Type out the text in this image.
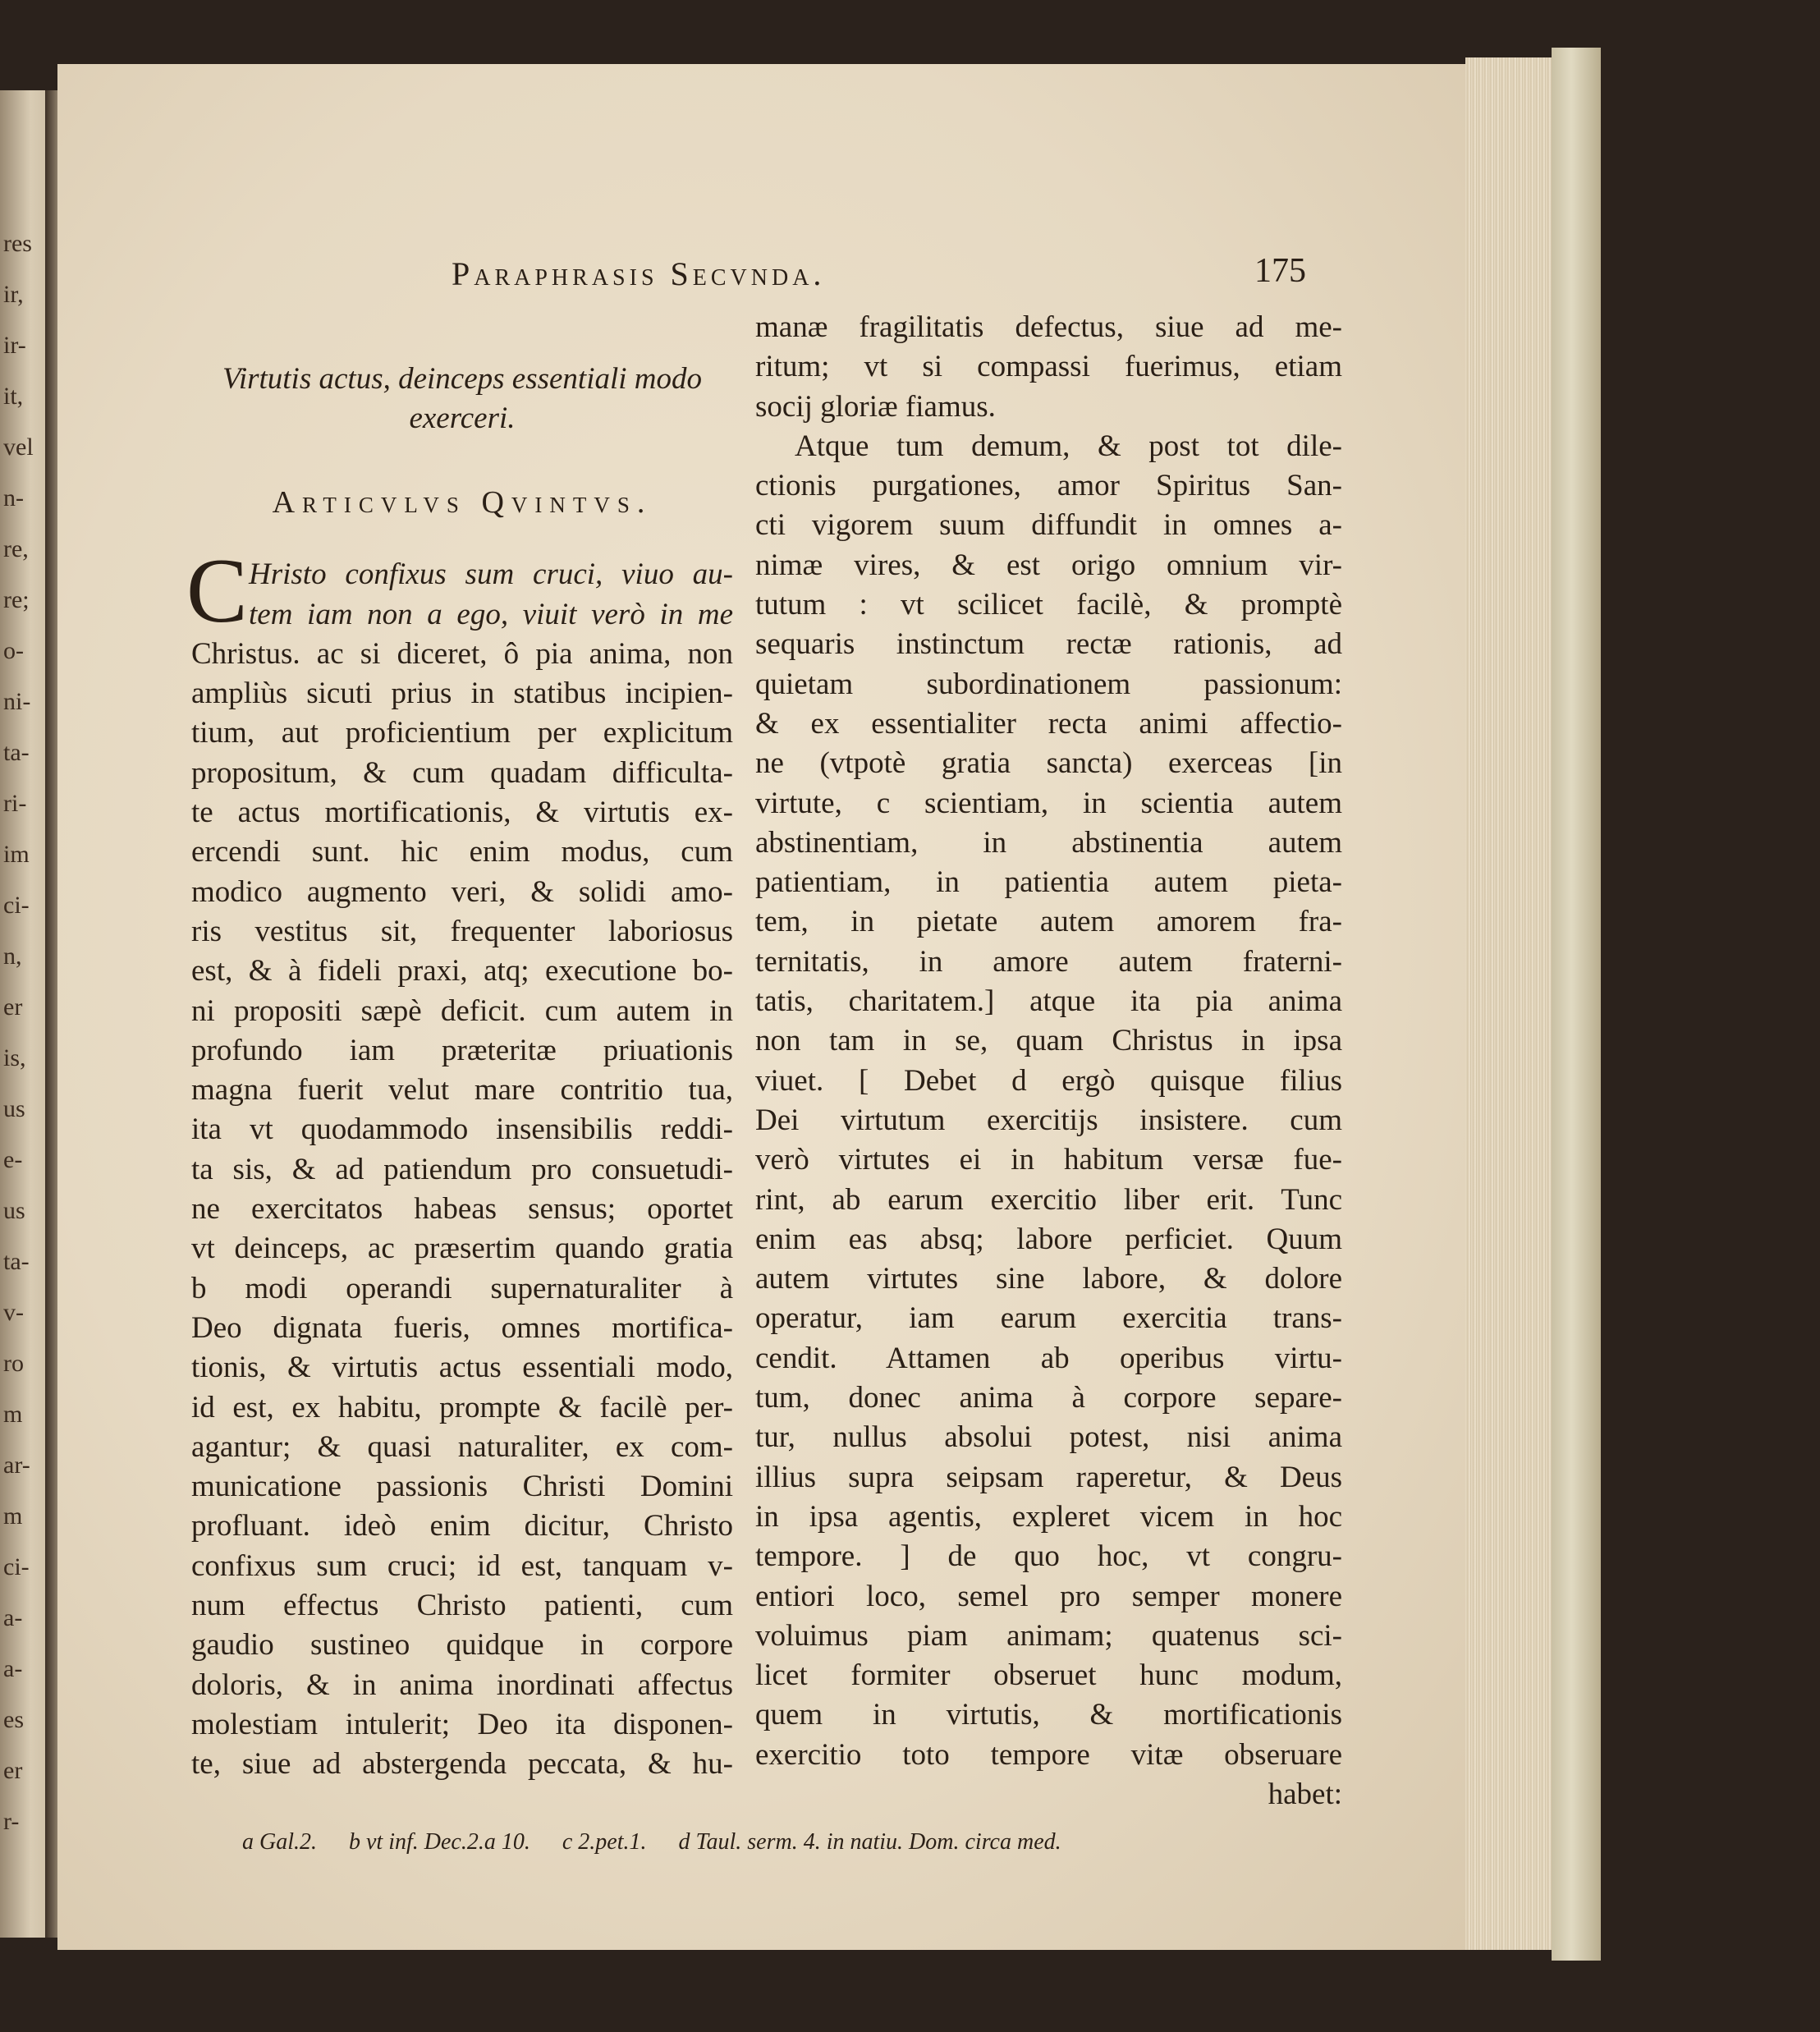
res
ir,
ir-
it,
vel
n-
re,
re;
o-
ni-
ta-
ri-
im
ci-
n,
er
is,
us
e-
us
ta-
v-
ro
m
ar-
m
ci-
a-
a-
es
er
r-
Paraphrasis Secvnda.	175
Virtutis actus, deinceps essentiali modo
exerceri.
Articvlvs Qvintvs.
C Hristo confixus sum cruci, viuo au-
tem iam non a ego, viuit verò in me
Christus. ac si diceret, ô pia anima, non
ampliùs sicuti prius in statibus incipien-
tium, aut proficientium per explicitum
propositum, & cum quadam difficulta-
te actus mortificationis, & virtutis ex-
ercendi sunt. hic enim modus, cum
modico augmento veri, & solidi amo-
ris vestitus sit, frequenter laboriosus
est, & à fideli praxi, atq; executione bo-
ni propositi sæpè deficit. cum autem in
profundo iam præteritæ priuationis
magna fuerit velut mare contritio tua,
ita vt quodammodo insensibilis reddi-
ta sis, & ad patiendum pro consuetudi-
ne exercitatos habeas sensus; oportet
vt deinceps, ac præsertim quando gratia
b modi operandi supernaturaliter à
Deo dignata fueris, omnes mortifica-
tionis, & virtutis actus essentiali modo,
id est, ex habitu, prompte & facilè per-
agantur; & quasi naturaliter, ex com-
municatione passionis Christi Domini
profluant. ideò enim dicitur, Christo
confixus sum cruci; id est, tanquam v-
num effectus Christo patienti, cum
gaudio sustineo quidque in corpore
doloris, & in anima inordinati affectus
molestiam intulerit; Deo ita disponen-
te, siue ad abstergenda peccata, & hu-
manæ fragilitatis defectus, siue ad me-
ritum; vt si compassi fuerimus, etiam
socij gloriæ fiamus.
Atque tum demum, & post tot dile-
ctionis purgationes, amor Spiritus San-
cti vigorem suum diffundit in omnes a-
nimæ vires, & est origo omnium vir-
tutum : vt scilicet facilè, & promptè
sequaris instinctum rectæ rationis, ad
quietam subordinationem passionum:
& ex essentialiter recta animi affectio-
ne (vtpotè gratia sancta) exerceas [in
virtute, c scientiam, in scientia autem
abstinentiam, in abstinentia autem
patientiam, in patientia autem pieta-
tem, in pietate autem amorem fra-
ternitatis, in amore autem fraterni-
tatis, charitatem.] atque ita pia anima
non tam in se, quam Christus in ipsa
viuet. [ Debet d ergò quisque filius
Dei virtutum exercitijs insistere. cum
verò virtutes ei in habitum versæ fue-
rint, ab earum exercitio liber erit. Tunc
enim eas absq; labore perficiet. Quum
autem virtutes sine labore, & dolore
operatur, iam earum exercitia trans-
cendit. Attamen ab operibus virtu-
tum, donec anima à corpore separe-
tur, nullus absolui potest, nisi anima
illius supra seipsam raperetur, & Deus
in ipsa agentis, expleret vicem in hoc
tempore. ] de quo hoc, vt congru-
entiori loco, semel pro semper monere
voluimus piam animam; quatenus sci-
licet formiter obseruet hunc modum,
quem in virtutis, & mortificationis
exercitio toto tempore vitæ obseruare
habet:
a Gal.2. b vt inf. Dec.2.a 10. c 2.pet.1. d Taul. serm. 4. in natiu. Dom. circa med.
